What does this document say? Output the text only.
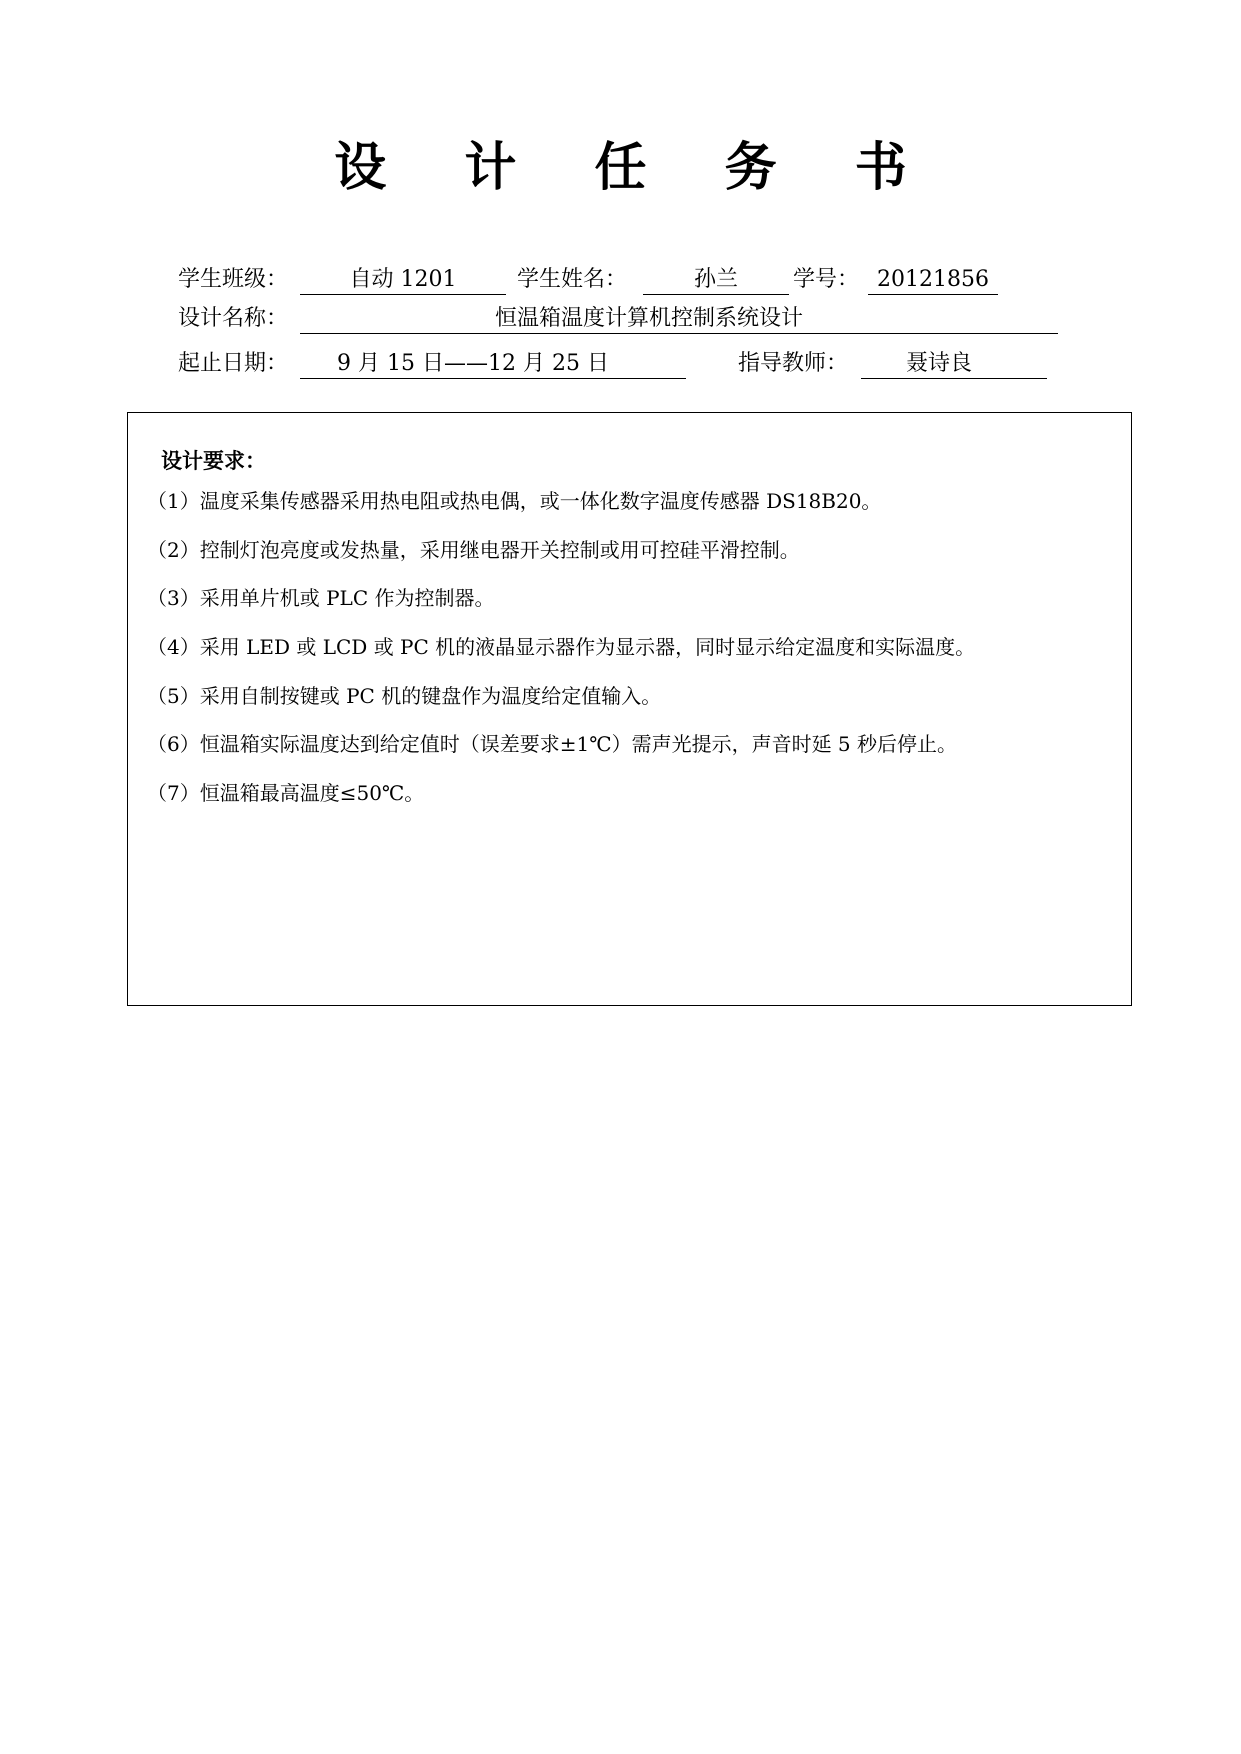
设 计 任 务 书
学生班级：	自动 1201	学生姓名：	孙兰	学号： 20121856
设计名称：	恒温箱温度计算机控制系统设计
起止日期：	9 月 15 日——12 月 25 日	指导教师：	聂诗良
设计要求：
（1）温度采集传感器采用热电阻或热电偶，或一体化数字温度传感器 DS18B20。
（2）控制灯泡亮度或发热量，采用继电器开关控制或用可控硅平滑控制。
（3）采用单片机或 PLC 作为控制器。
（4）采用 LED 或 LCD 或 PC 机的液晶显示器作为显示器，同时显示给定温度和实际温度。
（5）采用自制按键或 PC 机的键盘作为温度给定值输入。
（6）恒温箱实际温度达到给定值时（误差要求±1℃）需声光提示，声音时延 5 秒后停止。
（7）恒温箱最高温度≤50℃。
